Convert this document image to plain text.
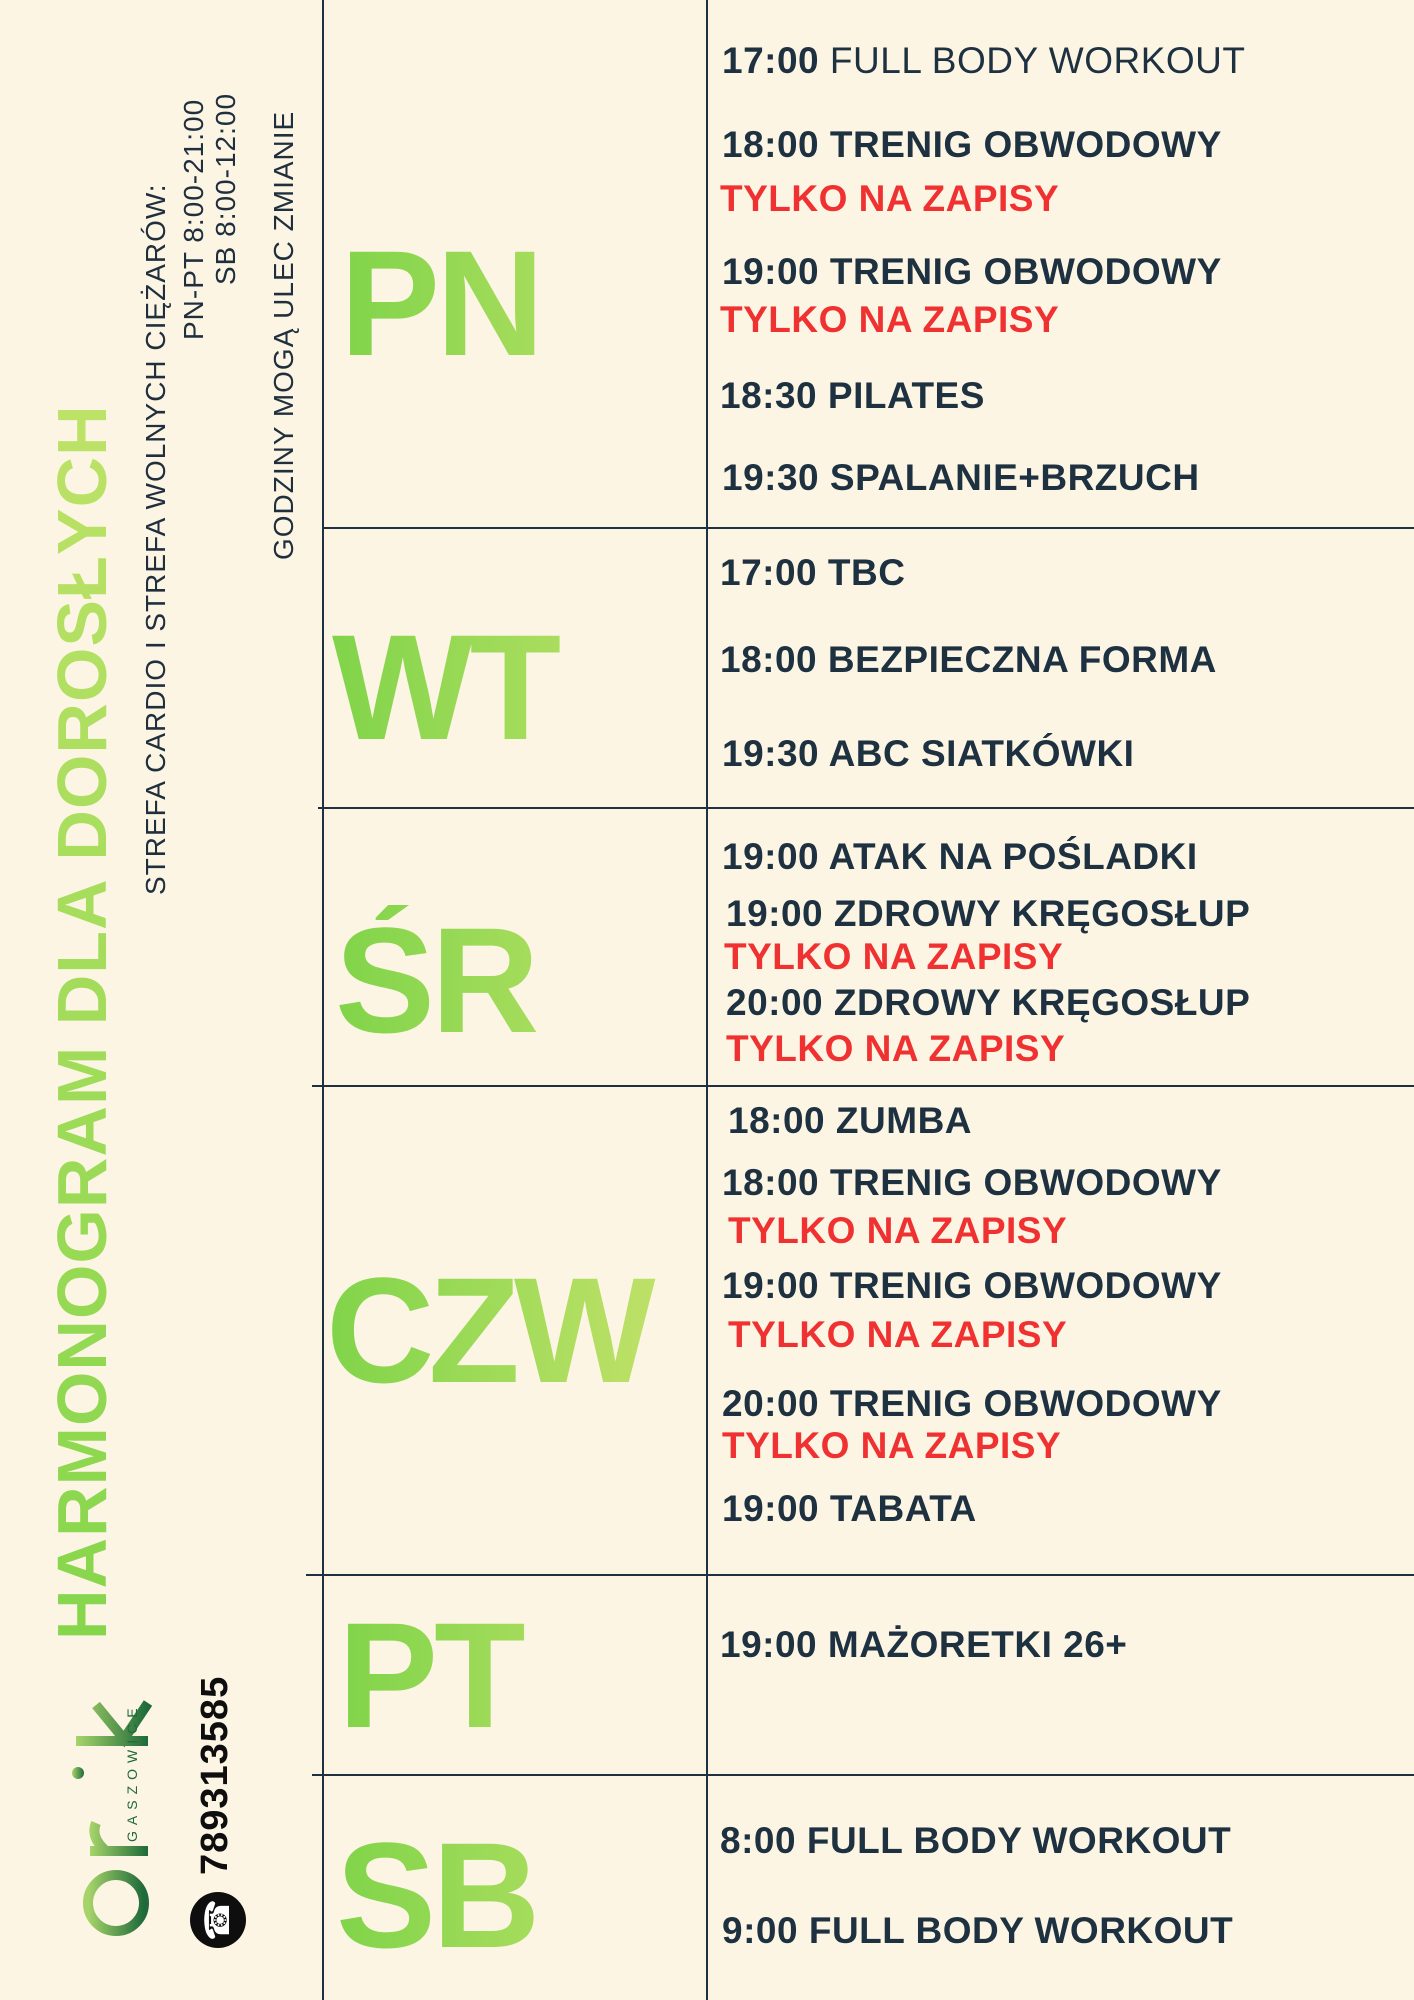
HARMONOGRAM DLA DOROSŁYCH STREFA CARDIO I STREFA WOLNYCH CIĘŻARÓW: PN-PT 8:00-21:00 SB 8:00-12:00 GODZINY MOGĄ ULEC ZMIANIE
GASZOWICE
☎
789313585
PN
WT
ŚR
CZW
PT
SB
17:00 FULL BODY WORKOUT
18:00 TRENIG OBWODOWY
TYLKO NA ZAPISY
19:00 TRENIG OBWODOWY
TYLKO NA ZAPISY
18:30 PILATES
19:30 SPALANIE+BRZUCH
17:00 TBC
18:00 BEZPIECZNA FORMA
19:30 ABC SIATKÓWKI
19:00 ATAK NA POŚLADKI
19:00 ZDROWY KRĘGOSŁUP
TYLKO NA ZAPISY
20:00 ZDROWY KRĘGOSŁUP
TYLKO NA ZAPISY
18:00 ZUMBA
18:00 TRENIG OBWODOWY
TYLKO NA ZAPISY
19:00 TRENIG OBWODOWY
TYLKO NA ZAPISY
20:00 TRENIG OBWODOWY
TYLKO NA ZAPISY
19:00 TABATA
19:00 MAŻORETKI 26+
8:00 FULL BODY WORKOUT
9:00 FULL BODY WORKOUT
